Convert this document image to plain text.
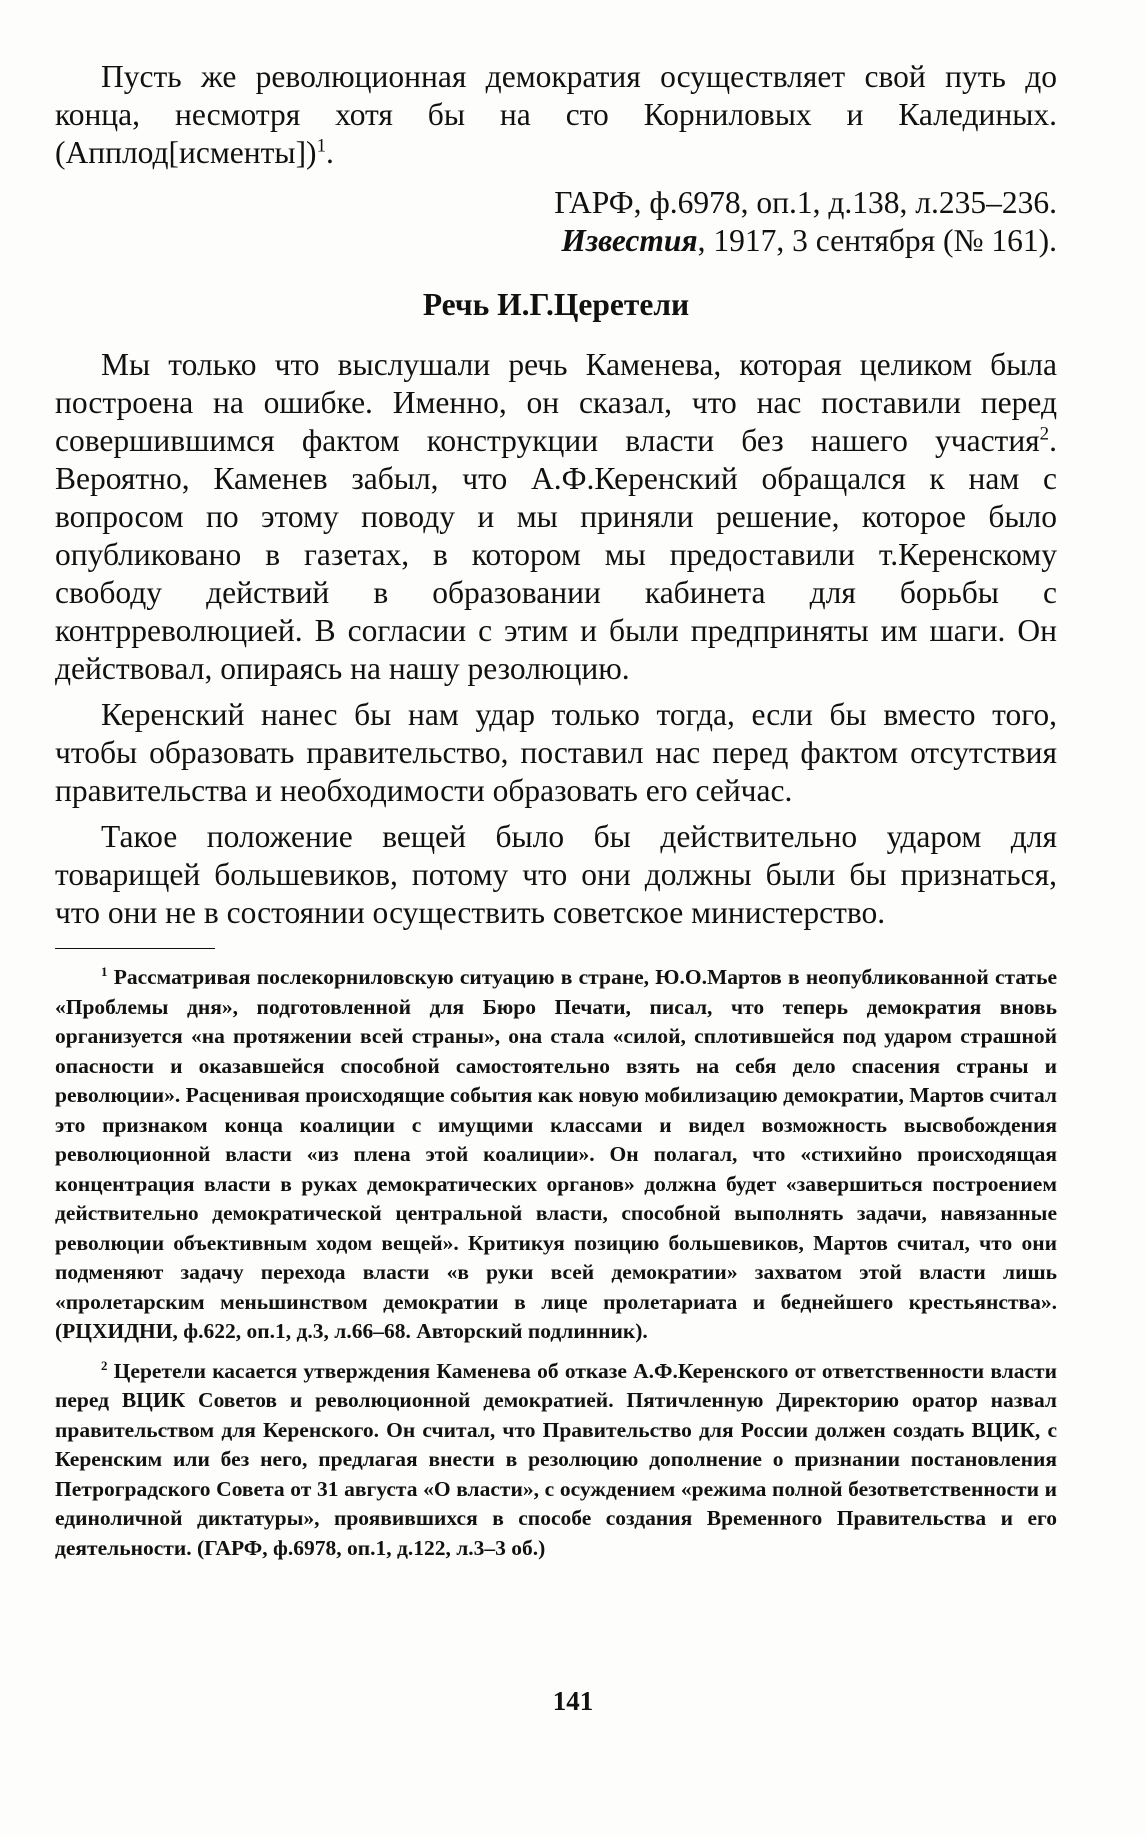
Пусть же революционная демократия осуществляет свой путь до конца, несмотря хотя бы на сто Корниловых и Калединых. (Апплод[исменты])$^1$.

ГАРФ, ф.6978, оп.1, д.138, л.235–236.

Известия, 1917, 3 сентября (№ 161).

Речь И.Г.Церетели

Мы только что выслушали речь Каменева, которая целиком была построена на ошибке. Именно, он сказал, что нас поставили перед совершившимся фактом конструкции власти без нашего участия$^2$. Вероятно, Каменев забыл, что А.Ф.Керенский обращался к нам с вопросом по этому поводу и мы приняли решение, которое было опубликовано в газетах, в котором мы предоставили т.Керенскому свободу действий в образовании кабинета для борьбы с контрреволюцией. В согласии с этим и были предприняты им шаги. Он действовал, опираясь на нашу резолюцию.

Керенский нанес бы нам удар только тогда, если бы вместо того, чтобы образовать правительство, поставил нас перед фактом отсутствия правительства и необходимости образовать его сейчас.

Такое положение вещей было бы действительно ударом для товарищей большевиков, потому что они должны были бы признаться, что они не в состоянии осуществить советское министерство.

$^1$ Рассматривая послекорниловскую ситуацию в стране, Ю.О.Мартов в неопубликованной статье «Проблемы дня», подготовленной для Бюро Печати, писал, что теперь демократия вновь организуется «на протяжении всей страны», она стала «силой, сплотившейся под ударом страшной опасности и оказавшейся способной самостоятельно взять на себя дело спасения страны и революции». Расценивая происходящие события как новую мобилизацию демократии, Мартов считал это признаком конца коалиции с имущими классами и видел возможность высвобождения революционной власти «из плена этой коалиции». Он полагал, что «стихийно происходящая концентрация власти в руках демократических органов» должна будет «завершиться построением действительно демократической центральной власти, способной выполнять задачи, навязанные революции объективным ходом вещей». Критикуя позицию большевиков, Мартов считал, что они подменяют задачу перехода власти «в руки всей демократии» захватом этой власти лишь «пролетарским меньшинством демократии в лице пролетариата и беднейшего крестьянства». (РЦХИДНИ, ф.622, оп.1, д.3, л.66–68. Авторский подлинник).

$^2$ Церетели касается утверждения Каменева об отказе А.Ф.Керенского от ответственности власти перед ВЦИК Советов и революционной демократией. Пятичленную Директорию оратор назвал правительством для Керенского. Он считал, что Правительство для России должен создать ВЦИК, с Керенским или без него, предлагая внести в резолюцию дополнение о признании постановления Петроградского Совета от 31 августа «О власти», с осуждением «режима полной безответственности и единоличной диктатуры», проявившихся в способе создания Временного Правительства и его деятельности. (ГАРФ, ф.6978, оп.1, д.122, л.3–3 об.)

141
